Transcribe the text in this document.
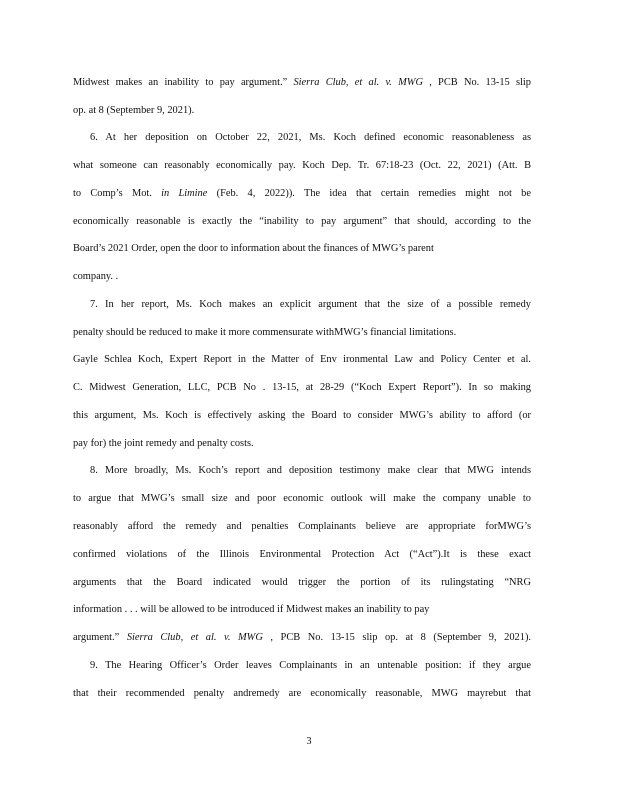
Midwest makes an inability to pay argument.” Sierra Club, et al. v. MWG , PCB No. 13-15 slip
op. at 8 (September 9, 2021).
6. At her deposition on October 22, 2021, Ms. Koch defined economic reasonableness as
what someone can reasonably economically pay. Koch Dep. Tr. 67:18-23 (Oct. 22, 2021) (Att. B
to Comp’s Mot. in Limine (Feb. 4, 2022)). The idea that certain remedies might not be
economically reasonable is exactly the “inability to pay argument” that should, according to the
Board’s 2021 Order, open the door to information about the finances of MWG’s parent
company. .
7. In her report, Ms. Koch makes an explicit argument that the size of a possible remedy
penalty should be reduced to make it more commensurate withMWG’s financial limitations.
Gayle Schlea Koch, Expert Report in the Matter of Env ironmental Law and Policy Center et al.
C. Midwest Generation, LLC, PCB No . 13-15, at 28-29 (“Koch Expert Report”). In so making
this argument, Ms. Koch is effectively asking the Board to consider MWG’s ability to afford (or
pay for) the joint remedy and penalty costs.
8. More broadly, Ms. Koch’s report and deposition testimony make clear that MWG intends
to argue that MWG’s small size and poor economic outlook will make the company unable to
reasonably afford the remedy and penalties Complainants believe are appropriate forMWG’s
confirmed violations of the Illinois Environmental Protection Act (“Act”).It is these exact
arguments that the Board indicated would trigger the portion of its rulingstating “NRG
information . . . will be allowed to be introduced if Midwest makes an inability to pay
argument.” Sierra Club, et al. v. MWG , PCB No. 13-15 slip op. at 8 (September 9, 2021).
9. The Hearing Officer’s Order leaves Complainants in an untenable position: if they argue
that their recommended penalty andremedy are economically reasonable, MWG mayrebut that
3
